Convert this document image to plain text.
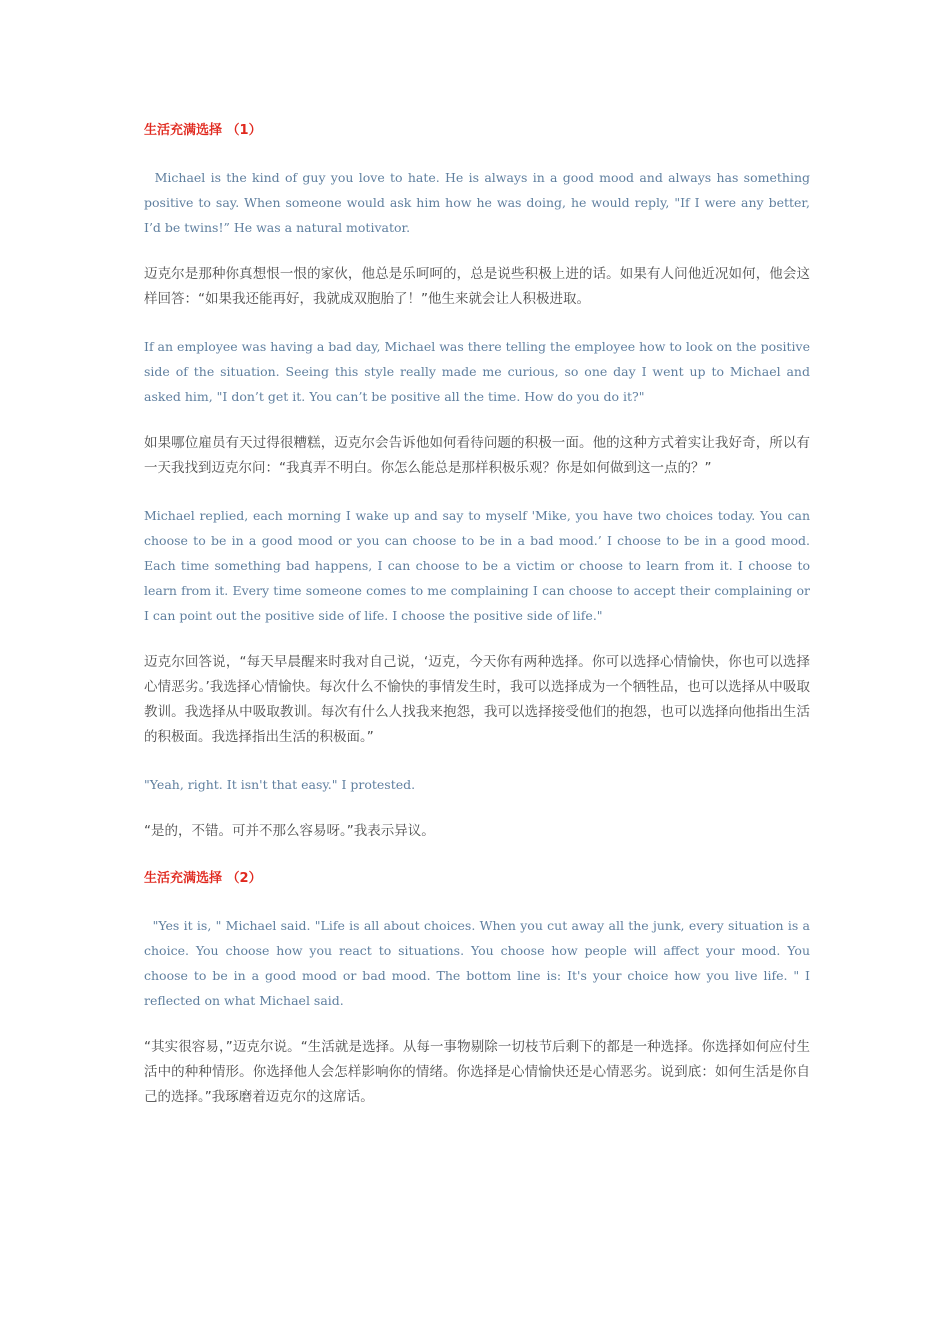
生活充满选择 （1）

Michael is the kind of guy you love to hate. He is always in a good mood and always has something positive to say. When someone would ask him how he was doing, he would reply, "If I were any better, I’d be twins!” He was a natural motivator.

迈克尔是那种你真想恨一恨的家伙，他总是乐呵呵的，总是说些积极上进的话。如果有人问他近况如何，他会这样回答：“如果我还能再好，我就成双胞胎了！”他生来就会让人积极进取。

If an employee was having a bad day, Michael was there telling the employee how to look on the positive side of the situation. Seeing this style really made me curious, so one day I went up to Michael and asked him, "I don’t get it. You can’t be positive all the time. How do you do it?"

如果哪位雇员有天过得很糟糕，迈克尔会告诉他如何看待问题的积极一面。他的这种方式着实让我好奇，所以有一天我找到迈克尔问：“我真弄不明白。你怎么能总是那样积极乐观？你是如何做到这一点的？”

Michael replied, each morning I wake up and say to myself 'Mike, you have two choices today. You can choose to be in a good mood or you can choose to be in a bad mood.’ I choose to be in a good mood. Each time something bad happens, I can choose to be a victim or choose to learn from it. I choose to learn from it. Every time someone comes to me complaining I can choose to accept their complaining or I can point out the positive side of life. I choose the positive side of life."

迈克尔回答说，“每天早晨醒来时我对自己说，‘迈克，今天你有两种选择。你可以选择心情愉快，你也可以选择心情恶劣。’我选择心情愉快。每次什么不愉快的事情发生时，我可以选择成为一个牺牲品，也可以选择从中吸取教训。我选择从中吸取教训。每次有什么人找我来抱怨，我可以选择接受他们的抱怨，也可以选择向他指出生活的积极面。我选择指出生活的积极面。”

"Yeah, right. It isn't that easy." I protested.

“是的，不错。可并不那么容易呀。”我表示异议。

生活充满选择 （2）

"Yes it is, " Michael said. "Life is all about choices. When you cut away all the junk, every situation is a choice. You choose how you react to situations. You choose how people will affect your mood. You choose to be in a good mood or bad mood. The bottom line is: It's your choice how you live life. " I reflected on what Michael said.

“其实很容易，”迈克尔说。“生活就是选择。从每一事物剔除一切枝节后剩下的都是一种选择。你选择如何应付生活中的种种情形。你选择他人会怎样影响你的情绪。你选择是心情愉快还是心情恶劣。说到底：如何生活是你自己的选择。”我琢磨着迈克尔的这席话。
